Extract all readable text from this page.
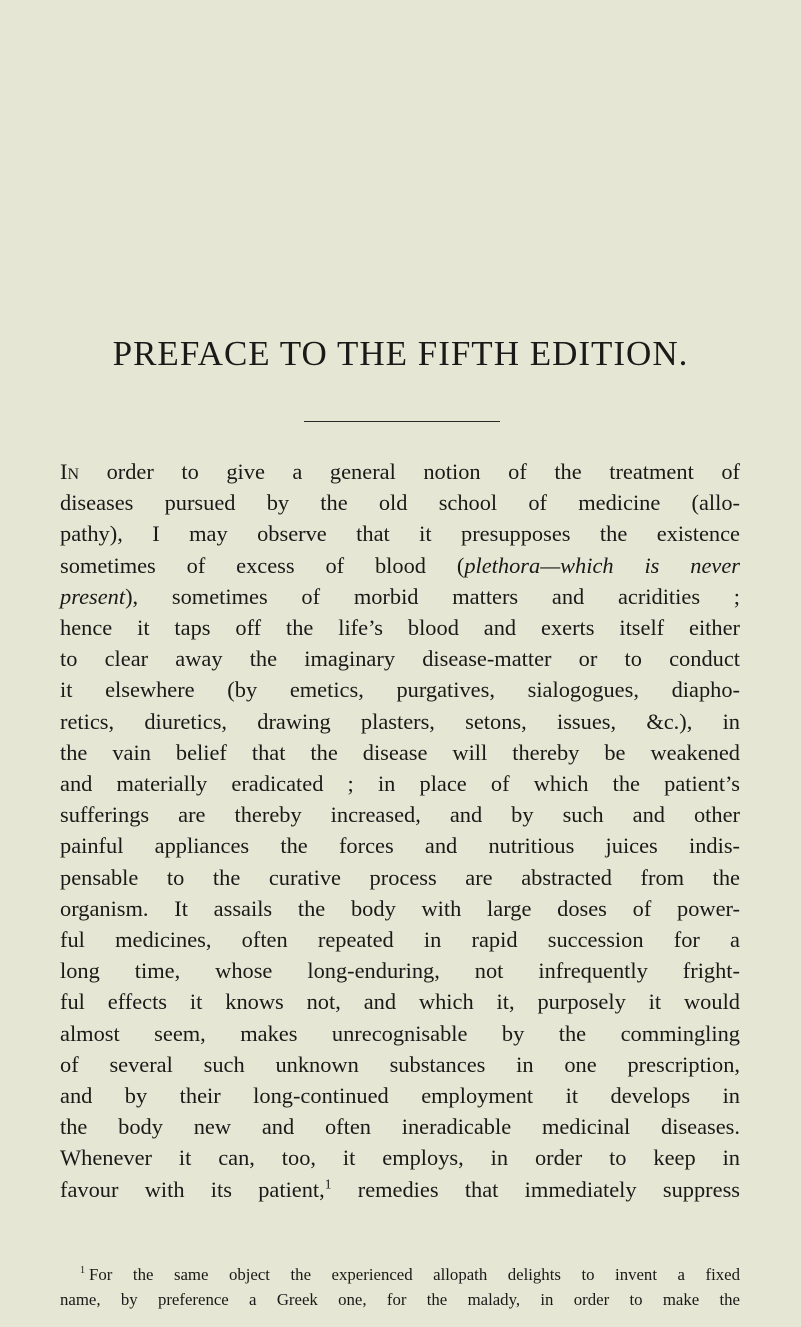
PREFACE TO THE FIFTH EDITION.
In order to give a general notion of the treatment of
diseases pursued by the old school of medicine (allo-
pathy), I may observe that it presupposes the existence
sometimes of excess of blood (plethora—which is never
present), sometimes of morbid matters and acridities ;
hence it taps off the life’s blood and exerts itself either
to clear away the imaginary disease-matter or to conduct
it elsewhere (by emetics, purgatives, sialogogues, diapho-
retics, diuretics, drawing plasters, setons, issues, &c.), in
the vain belief that the disease will thereby be weakened
and materially eradicated ; in place of which the patient’s
sufferings are thereby increased, and by such and other
painful appliances the forces and nutritious juices indis-
pensable to the curative process are abstracted from the
organism. It assails the body with large doses of power-
ful medicines, often repeated in rapid succession for a
long time, whose long-enduring, not infrequently fright-
ful effects it knows not, and which it, purposely it would
almost seem, makes unrecognisable by the commingling
of several such unknown substances in one prescription,
and by their long-continued employment it develops in
the body new and often ineradicable medicinal diseases.
Whenever it can, too, it employs, in order to keep in
favour with its patient,$^1$ remedies that immediately suppress
$^1$ For the same object the experienced allopath delights to invent a fixed
name, by preference a Greek one, for the malady, in order to make the
